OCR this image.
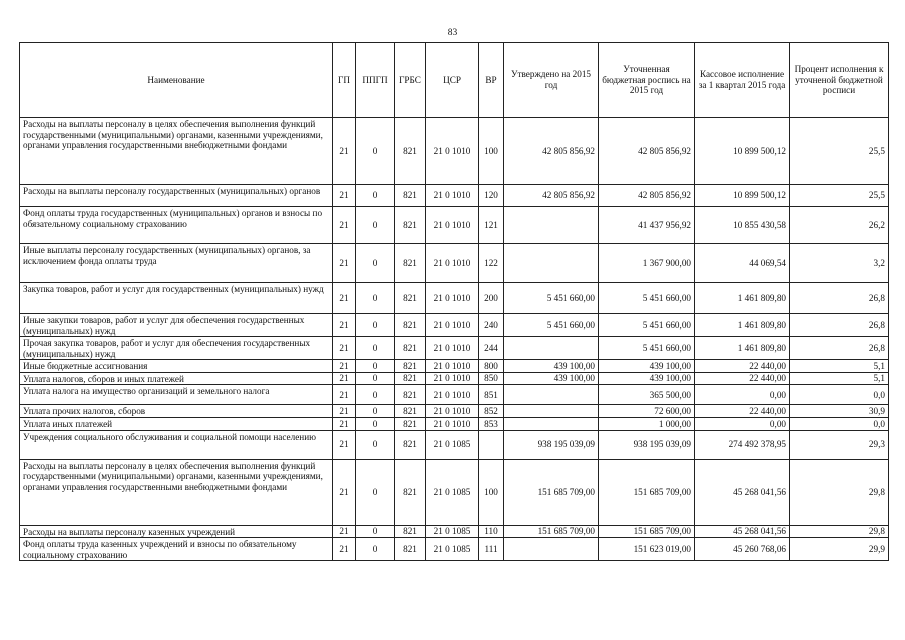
83
Наименование	ГП	ППГП	ГРБС	ЦСР	ВР	Утверждено на 2015 год	Уточненная бюджетная роспись на 2015 год	Кассовое исполнение за 1 квартал 2015 года	Процент исполнения к уточненой бюджетной росписи
Расходы на выплаты персоналу в целях обеспечения выполнения функций государственными (муниципальными) органами, казенными учреждениями, органами управления государственными внебюджетными фондами	21	0	821	21 0 1010	100	42 805 856,92	42 805 856,92	10 899 500,12	25,5
Расходы на выплаты персоналу государственных (муниципальных) органов	21	0	821	21 0 1010	120	42 805 856,92	42 805 856,92	10 899 500,12	25,5
Фонд оплаты труда государственных (муниципальных) органов и взносы по обязательному социальному страхованию	21	0	821	21 0 1010	121		41 437 956,92	10 855 430,58	26,2
Иные выплаты персоналу государственных (муниципальных) органов, за исключением фонда оплаты труда	21	0	821	21 0 1010	122		1 367 900,00	44 069,54	3,2
Закупка товаров, работ и услуг для государственных (муниципальных) нужд	21	0	821	21 0 1010	200	5 451 660,00	5 451 660,00	1 461 809,80	26,8
Иные закупки товаров, работ и услуг для обеспечения государственных (муниципальных) нужд	21	0	821	21 0 1010	240	5 451 660,00	5 451 660,00	1 461 809,80	26,8
Прочая закупка товаров, работ и услуг для обеспечения государственных (муниципальных) нужд	21	0	821	21 0 1010	244		5 451 660,00	1 461 809,80	26,8
Иные бюджетные ассигнования	21	0	821	21 0 1010	800	439 100,00	439 100,00	22 440,00	5,1
Уплата налогов, сборов и иных платежей	21	0	821	21 0 1010	850	439 100,00	439 100,00	22 440,00	5,1
Уплата налога на имущество организаций и земельного налога	21	0	821	21 0 1010	851		365 500,00	0,00	0,0
Уплата прочих налогов, сборов	21	0	821	21 0 1010	852		72 600,00	22 440,00	30,9
Уплата иных платежей	21	0	821	21 0 1010	853		1 000,00	0,00	0,0
Учреждения социального обслуживания и социальной помощи населению	21	0	821	21 0 1085		938 195 039,09	938 195 039,09	274 492 378,95	29,3
Расходы на выплаты персоналу в целях обеспечения выполнения функций государственными (муниципальными) органами, казенными учреждениями, органами управления государственными внебюджетными фондами	21	0	821	21 0 1085	100	151 685 709,00	151 685 709,00	45 268 041,56	29,8
Расходы на выплаты персоналу казенных учреждений	21	0	821	21 0 1085	110	151 685 709,00	151 685 709,00	45 268 041,56	29,8
Фонд оплаты труда казенных учреждений и взносы по обязательному социальному страхованию	21	0	821	21 0 1085	111		151 623 019,00	45 260 768,06	29,9
